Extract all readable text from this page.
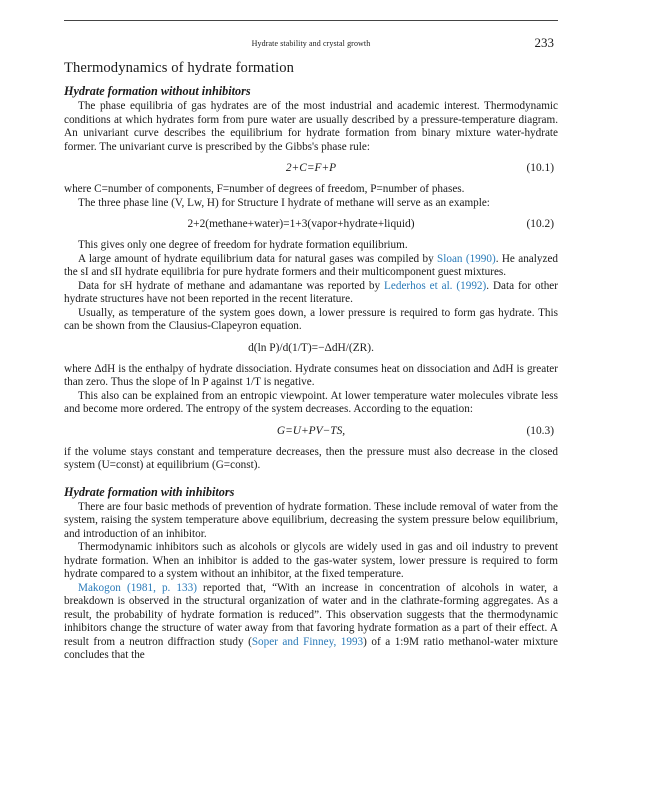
Hydrate stability and crystal growth	233
Thermodynamics of hydrate formation
Hydrate formation without inhibitors

The phase equilibria of gas hydrates are of the most industrial and academic interest. Thermodynamic conditions at which hydrates form from pure water are usually described by a pressure-temperature diagram. An univariant curve describes the equilibrium for hydrate formation from binary mixture water-hydrate former. The univariant curve is prescribed by the Gibbs's phase rule:

2+C=F+P	(10.1)

where C=number of components, F=number of degrees of freedom, P=number of phases.

The three phase line (V, Lw, H) for Structure I hydrate of methane will serve as an example:

2+2(methane+water)=1+3(vapor+hydrate+liquid)	(10.2)

This gives only one degree of freedom for hydrate formation equilibrium.

A large amount of hydrate equilibrium data for natural gases was compiled by Sloan (1990). He analyzed the sI and sII hydrate equilibria for pure hydrate formers and their multicomponent guest mixtures.

Data for sH hydrate of methane and adamantane was reported by Lederhos et al. (1992). Data for other hydrate structures have not been reported in the recent literature.

Usually, as temperature of the system goes down, a lower pressure is required to form gas hydrate. This can be shown from the Clausius-Clapeyron equation.

d(ln P)/d(1/T)=−ΔdH/(ZR).

where ΔdH is the enthalpy of hydrate dissociation. Hydrate consumes heat on dissociation and ΔdH is greater than zero. Thus the slope of ln P against 1/T is negative.

This also can be explained from an entropic viewpoint. At lower temperature water molecules vibrate less and become more ordered. The entropy of the system decreases. According to the equation:

G=U+PV−TS,	(10.3)

if the volume stays constant and temperature decreases, then the pressure must also decrease in the closed system (U=const) at equilibrium (G=const).

Hydrate formation with inhibitors

There are four basic methods of prevention of hydrate formation. These include removal of water from the system, raising the system temperature above equilibrium, decreasing the system pressure below equilibrium, and introduction of an inhibitor.

Thermodynamic inhibitors such as alcohols or glycols are widely used in gas and oil industry to prevent hydrate formation. When an inhibitor is added to the gas-water system, lower pressure is required to form hydrate compared to a system without an inhibitor, at the fixed temperature.

Makogon (1981, p. 133) reported that, “With an increase in concentration of alcohols in water, a breakdown is observed in the structural organization of water and in the clathrate-forming aggregates. As a result, the probability of hydrate formation is reduced”. This observation suggests that the thermodynamic inhibitors change the structure of water away from that favoring hydrate formation as a part of their effect. A result from a neutron diffraction study (Soper and Finney, 1993) of a 1:9M ratio methanol-water mixture concludes that the
